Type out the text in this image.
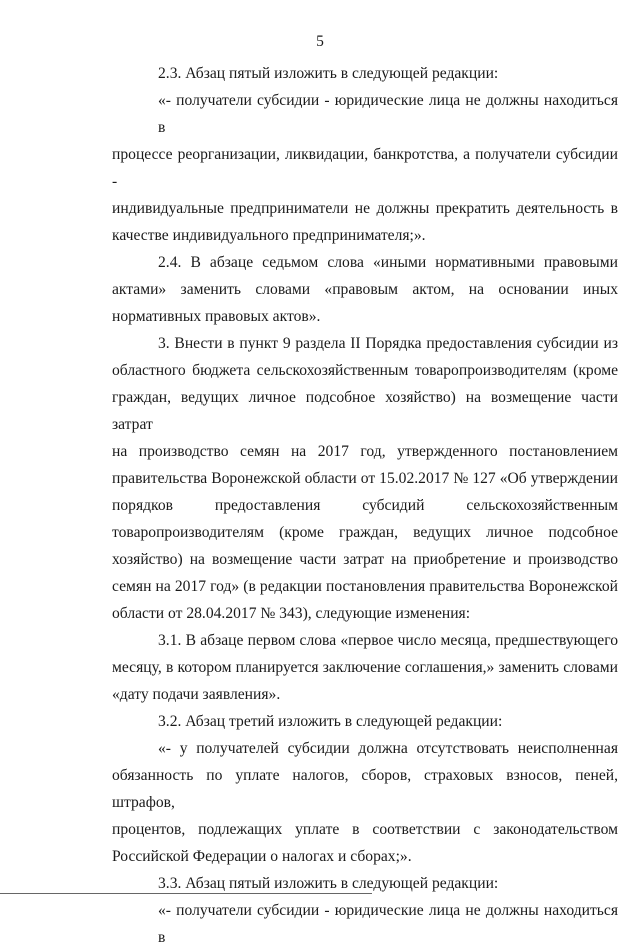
5
2.3. Абзац пятый изложить в следующей редакции:
«- получатели субсидии - юридические лица не должны находиться в
процессе реорганизации, ликвидации, банкротства, а получатели субсидии -
индивидуальные предприниматели не должны прекратить деятельность в
качестве индивидуального предпринимателя;».
2.4. В абзаце седьмом слова «иными нормативными правовыми
актами» заменить словами «правовым актом, на основании иных
нормативных правовых актов».
3. Внести в пункт 9 раздела II Порядка предоставления субсидии из
областного бюджета сельскохозяйственным товаропроизводителям (кроме
граждан, ведущих личное подсобное хозяйство) на возмещение части затрат
на производство семян на 2017 год, утвержденного постановлением
правительства Воронежской области от 15.02.2017 № 127 «Об утверждении
порядков предоставления субсидий сельскохозяйственным
товаропроизводителям (кроме граждан, ведущих личное подсобное
хозяйство) на возмещение части затрат на приобретение и производство
семян на 2017 год» (в редакции постановления правительства Воронежской
области от 28.04.2017 № 343), следующие изменения:
3.1. В абзаце первом слова «первое число месяца, предшествующего
месяцу, в котором планируется заключение соглашения,» заменить словами
«дату подачи заявления».
3.2. Абзац третий изложить в следующей редакции:
«- у получателей субсидии должна отсутствовать неисполненная
обязанность по уплате налогов, сборов, страховых взносов, пеней, штрафов,
процентов, подлежащих уплате в соответствии с законодательством
Российской Федерации о налогах и сборах;».
3.3. Абзац пятый изложить в следующей редакции:
«- получатели субсидии - юридические лица не должны находиться в
